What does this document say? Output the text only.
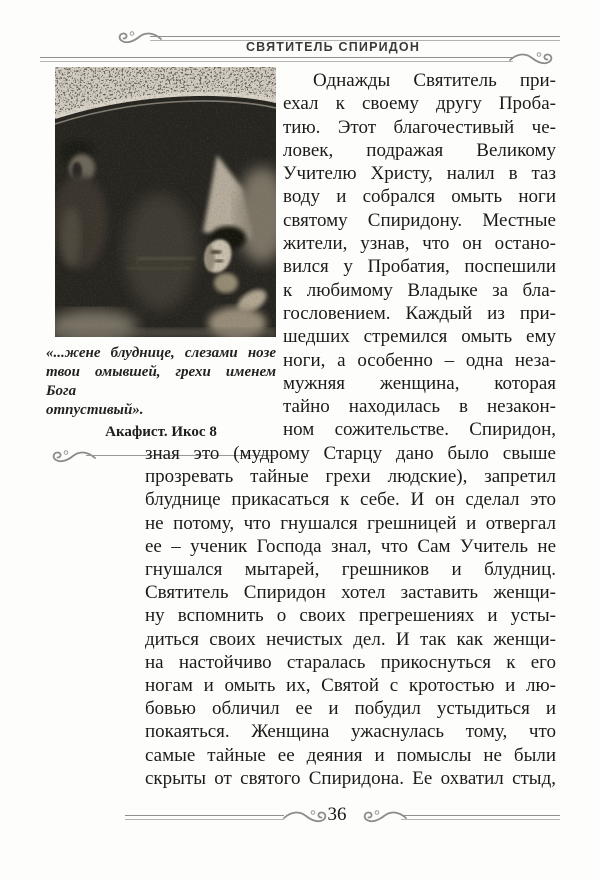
СВЯТИТЕЛЬ СПИРИДОН
«...жене блуднице, слезами нозе
твои омывшей, грехи именем Бога
отпустивый».
Акафист. Икос 8
Однажды Святитель при-
ехал к своему другу Проба-
тию. Этот благочестивый че-
ловек, подражая Великому
Учителю Христу, налил в таз
воду и собрался омыть ноги
святому Спиридону. Местные
жители, узнав, что он остано-
вился у Пробатия, поспешили
к любимому Владыке за бла-
гословением. Каждый из при-
шедших стремился омыть ему
ноги, а особенно – одна неза-
мужняя женщина, которая
тайно находилась в незакон-
ном сожительстве. Спиридон,
зная это (мудрому Старцу дано было свыше
прозревать тайные грехи людские), запретил
блуднице прикасаться к себе. И он сделал это
не потому, что гнушался грешницей и отвергал
ее – ученик Господа знал, что Сам Учитель не
гнушался мытарей, грешников и блудниц.
Святитель Спиридон хотел заставить женщи-
ну вспомнить о своих прегрешениях и усты-
диться своих нечистых дел. И так как женщи-
на настойчиво старалась прикоснуться к его
ногам и омыть их, Святой с кротостью и лю-
бовью обличил ее и побудил устыдиться и
покаяться. Женщина ужаснулась тому, что
самые тайные ее деяния и помыслы не были
скрыты от святого Спиридона. Ее охватил стыд,
36
